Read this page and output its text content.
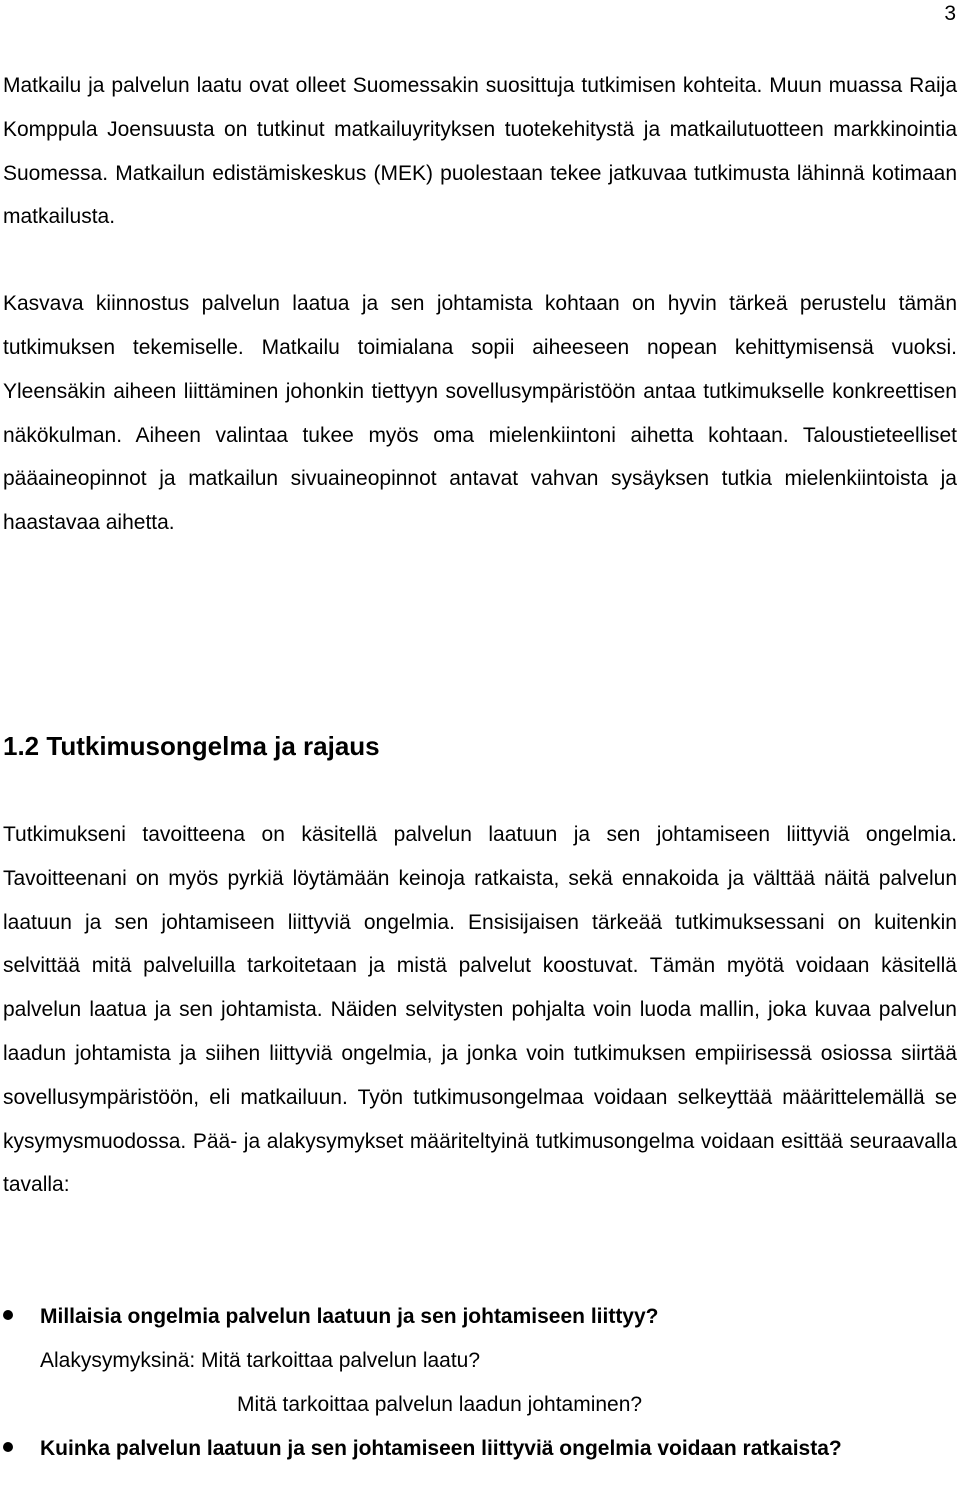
3

Matkailu ja palvelun laatu ovat olleet Suomessakin suosittuja tutkimisen kohteita. Muun muassa Raija Komppula Joensuusta on tutkinut matkailuyrityksen tuotekehitystä ja matkailutuotteen markkinointia Suomessa. Matkailun edistämiskeskus (MEK) puolestaan tekee jatkuvaa tutkimusta lähinnä kotimaan matkailusta.

Kasvava kiinnostus palvelun laatua ja sen johtamista kohtaan on hyvin tärkeä perustelu tämän tutkimuksen tekemiselle. Matkailu toimialana sopii aiheeseen nopean kehittymisensä vuoksi. Yleensäkin aiheen liittäminen johonkin tiettyyn sovellusympäristöön antaa tutkimukselle konkreettisen näkökulman. Aiheen valintaa tukee myös oma mielenkiintoni aihetta kohtaan. Taloustieteelliset pääaineopinnot ja matkailun sivuaineopinnot antavat vahvan sysäyksen tutkia mielenkiintoista ja haastavaa aihetta.

1.2 Tutkimusongelma ja rajaus

Tutkimukseni tavoitteena on käsitellä palvelun laatuun ja sen johtamiseen liittyviä ongelmia. Tavoitteenani on myös pyrkiä löytämään keinoja ratkaista, sekä ennakoida ja välttää näitä palvelun laatuun ja sen johtamiseen liittyviä ongelmia. Ensisijaisen tärkeää tutkimuksessani on kuitenkin selvittää mitä palveluilla tarkoitetaan ja mistä palvelut koostuvat. Tämän myötä voidaan käsitellä palvelun laatua ja sen johtamista. Näiden selvitysten pohjalta voin luoda mallin, joka kuvaa palvelun laadun johtamista ja siihen liittyviä ongelmia, ja jonka voin tutkimuksen empiirisessä osiossa siirtää sovellusympäristöön, eli matkailuun. Työn tutkimusongelmaa voidaan selkeyttää määrittelemällä se kysymysmuodossa. Pää- ja alakysymykset määriteltyinä tutkimusongelma voidaan esittää seuraavalla tavalla:

Millaisia ongelmia palvelun laatuun ja sen johtamiseen liittyy?
Alakysymyksinä: Mitä tarkoittaa palvelun laatu?
Mitä tarkoittaa palvelun laadun johtaminen?
Kuinka palvelun laatuun ja sen johtamiseen liittyviä ongelmia voidaan ratkaista?
